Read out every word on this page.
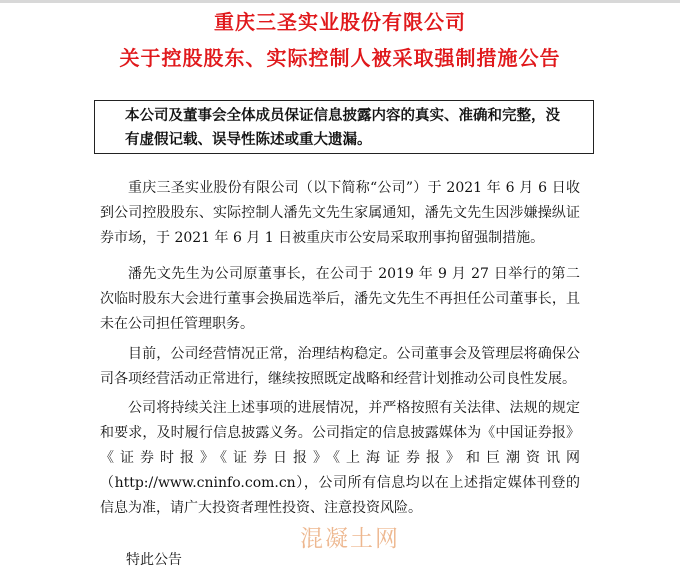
重庆三圣实业股份有限公司
关于控股股东、实际控制人被采取强制措施公告

本公司及董事会全体成员保证信息披露内容的真实、准确和完整，没有虚假记载、误导性陈述或重大遗漏。

重庆三圣实业股份有限公司（以下简称“公司”）于 2021 年 6 月 6 日收到公司控股股东、实际控制人潘先文先生家属通知，潘先文先生因涉嫌操纵证券市场，于 2021 年 6 月 1 日被重庆市公安局采取刑事拘留强制措施。

潘先文先生为公司原董事长，在公司于 2019 年 9 月 27 日举行的第二次临时股东大会进行董事会换届选举后，潘先文先生不再担任公司董事长，且未在公司担任管理职务。

目前，公司经营情况正常，治理结构稳定。公司董事会及管理层将确保公司各项经营活动正常进行，继续按照既定战略和经营计划推动公司良性发展。

公司将持续关注上述事项的进展情况，并严格按照有关法律、法规的规定和要求，及时履行信息披露义务。公司指定的信息披露媒体为《中国证券报》《证券时报》《证券日报》《上海证券报》和巨潮资讯网（http://www.cninfo.com.cn），公司所有信息均以在上述指定媒体刊登的信息为准，请广大投资者理性投资、注意投资风险。

特此公告

混凝土网
